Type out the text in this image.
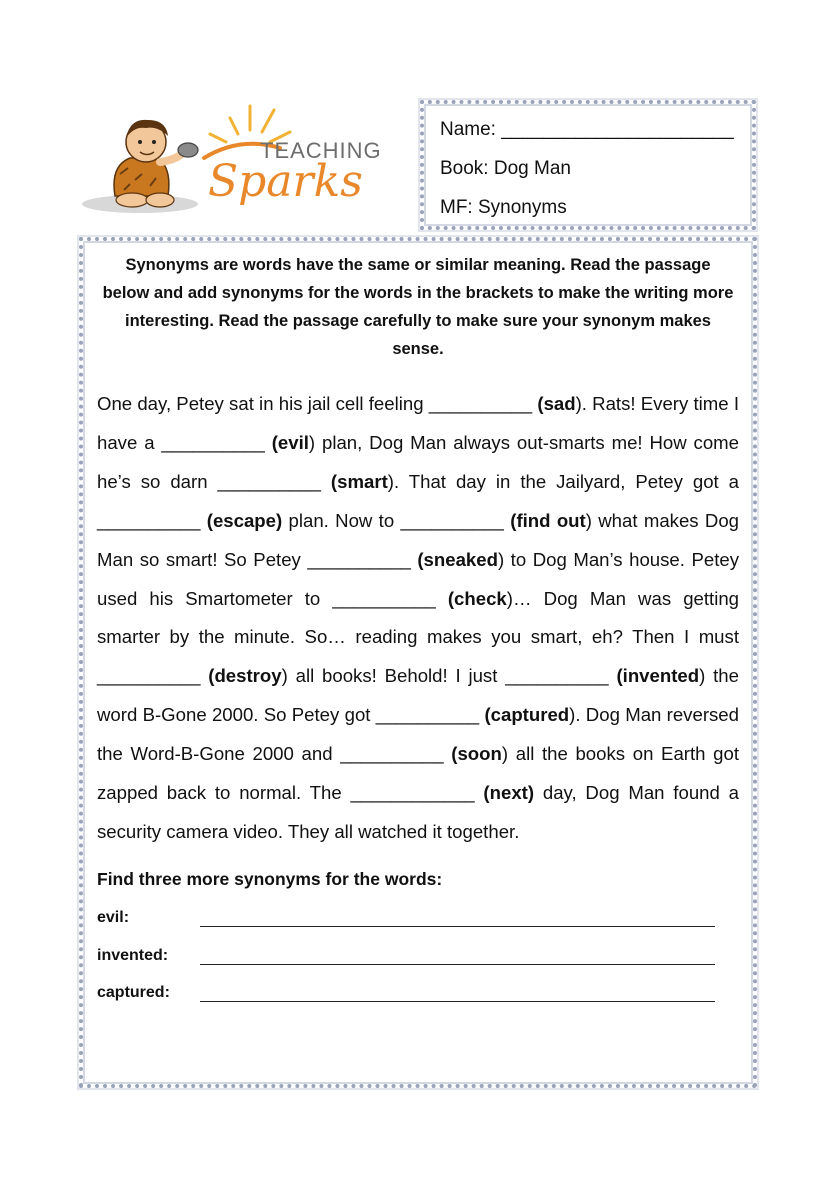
TEACHING
Sparks
Name: ______________________
Book: Dog Man
MF: Synonyms
Synonyms are words have the same or similar meaning. Read the passage below and add synonyms for the words in the brackets to make the writing more interesting. Read the passage carefully to make sure your synonym makes sense.
One day, Petey sat in his jail cell feeling __________ (sad). Rats! Every time I have a __________ (evil) plan, Dog Man always out-smarts me! How come he’s so darn __________ (smart). That day in the Jailyard, Petey got a __________ (escape) plan. Now to __________ (find out) what makes Dog Man so smart! So Petey __________ (sneaked) to Dog Man’s house. Petey used his Smartometer to __________ (check)… Dog Man was getting smarter by the minute. So… reading makes you smart, eh? Then I must __________ (destroy) all books! Behold! I just __________ (invented) the word B-Gone 2000. So Petey got __________ (captured). Dog Man reversed the Word-B-Gone 2000 and __________ (soon) all the books on Earth got zapped back to normal. The ____________ (next) day, Dog Man found a security camera video. They all watched it together.
Find three more synonyms for the words:
evil:
invented:
captured:
